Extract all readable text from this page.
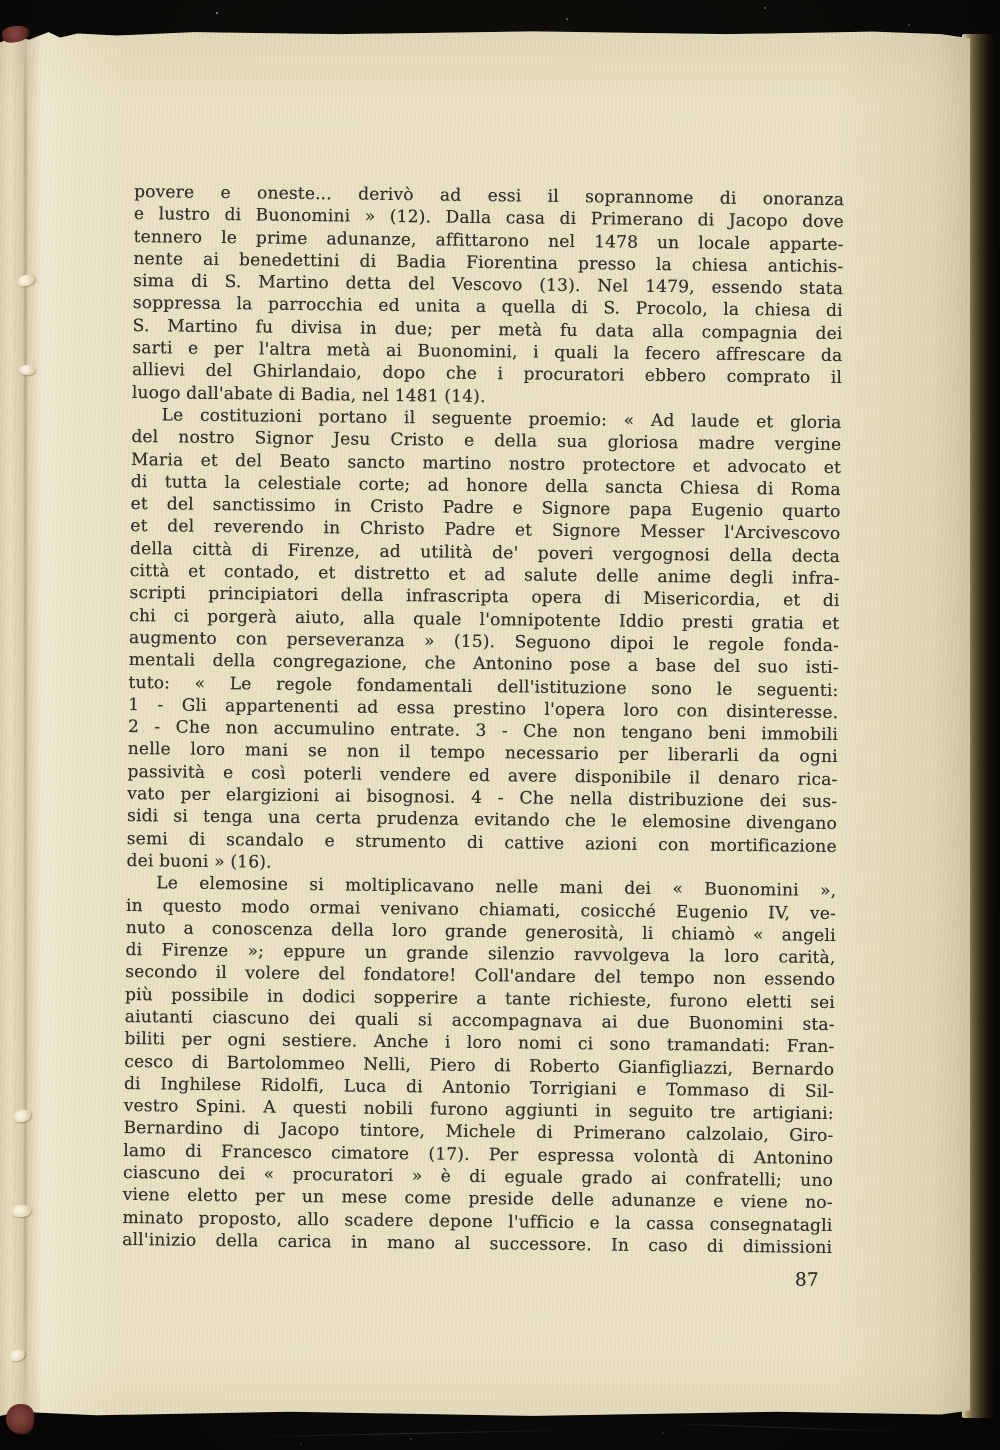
povere e oneste... derivò ad essi il soprannome di onoranza
e lustro di Buonomini » (12). Dalla casa di Primerano di Jacopo dove
tennero le prime adunanze, affittarono nel 1478 un locale apparte-
nente ai benedettini di Badia Fiorentina presso la chiesa antichis-
sima di S. Martino detta del Vescovo (13). Nel 1479, essendo stata
soppressa la parrocchia ed unita a quella di S. Procolo, la chiesa di
S. Martino fu divisa in due; per metà fu data alla compagnia dei
sarti e per l'altra metà ai Buonomini, i quali la fecero affrescare da
allievi del Ghirlandaio, dopo che i procuratori ebbero comprato il
luogo dall'abate di Badia, nel 1481 (14).
Le costituzioni portano il seguente proemio: « Ad laude et gloria
del nostro Signor Jesu Cristo e della sua gloriosa madre vergine
Maria et del Beato sancto martino nostro protectore et advocato et
di tutta la celestiale corte; ad honore della sancta Chiesa di Roma
et del sanctissimo in Cristo Padre e Signore papa Eugenio quarto
et del reverendo in Christo Padre et Signore Messer l'Arcivescovo
della città di Firenze, ad utilità de' poveri vergognosi della decta
città et contado, et distretto et ad salute delle anime degli infra-
scripti principiatori della infrascripta opera di Misericordia, et di
chi ci porgerà aiuto, alla quale l'omnipotente Iddio presti gratia et
augmento con perseveranza » (15). Seguono dipoi le regole fonda-
mentali della congregazione, che Antonino pose a base del suo isti-
tuto: « Le regole fondamentali dell'istituzione sono le seguenti:
1 - Gli appartenenti ad essa prestino l'opera loro con disinteresse.
2 - Che non accumulino entrate. 3 - Che non tengano beni immobili
nelle loro mani se non il tempo necessario per liberarli da ogni
passività e così poterli vendere ed avere disponibile il denaro rica-
vato per elargizioni ai bisognosi. 4 - Che nella distribuzione dei sus-
sidi si tenga una certa prudenza evitando che le elemosine divengano
semi di scandalo e strumento di cattive azioni con mortificazione
dei buoni » (16).
Le elemosine si moltiplicavano nelle mani dei « Buonomini »,
in questo modo ormai venivano chiamati, cosicché Eugenio IV, ve-
nuto a conoscenza della loro grande generosità, li chiamò « angeli
di Firenze »; eppure un grande silenzio ravvolgeva la loro carità,
secondo il volere del fondatore! Coll'andare del tempo non essendo
più possibile in dodici sopperire a tante richieste, furono eletti sei
aiutanti ciascuno dei quali si accompagnava ai due Buonomini sta-
biliti per ogni sestiere. Anche i loro nomi ci sono tramandati: Fran-
cesco di Bartolommeo Nelli, Piero di Roberto Gianfigliazzi, Bernardo
di Inghilese Ridolfi, Luca di Antonio Torrigiani e Tommaso di Sil-
vestro Spini. A questi nobili furono aggiunti in seguito tre artigiani:
Bernardino di Jacopo tintore, Michele di Primerano calzolaio, Giro-
lamo di Francesco cimatore (17). Per espressa volontà di Antonino
ciascuno dei « procuratori » è di eguale grado ai confratelli; uno
viene eletto per un mese come preside delle adunanze e viene no-
minato proposto, allo scadere depone l'ufficio e la cassa consegnatagli
all'inizio della carica in mano al successore. In caso di dimissioni
87
